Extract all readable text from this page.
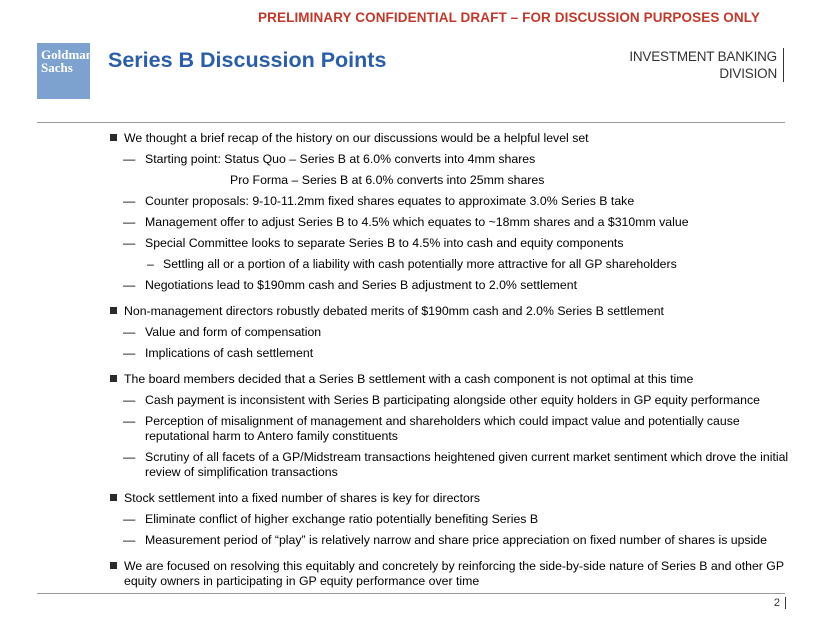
PRELIMINARY CONFIDENTIAL DRAFT – FOR DISCUSSION PURPOSES ONLY
Goldman
Sachs	Series B Discussion Points	INVESTMENT BANKING
DIVISION
We thought a brief recap of the history on our discussions would be a helpful level set
— Starting point: Status Quo – Series B at 6.0% converts into 4mm shares
Pro Forma – Series B at 6.0% converts into 25mm shares
— Counter proposals: 9-10-11.2mm fixed shares equates to approximate 3.0% Series B take
— Management offer to adjust Series B to 4.5% which equates to ~18mm shares and a $310mm value
— Special Committee looks to separate Series B to 4.5% into cash and equity components
– Settling all or a portion of a liability with cash potentially more attractive for all GP shareholders
— Negotiations lead to $190mm cash and Series B adjustment to 2.0% settlement
Non-management directors robustly debated merits of $190mm cash and 2.0% Series B settlement
— Value and form of compensation
— Implications of cash settlement
The board members decided that a Series B settlement with a cash component is not optimal at this time
— Cash payment is inconsistent with Series B participating alongside other equity holders in GP equity performance
— Perception of misalignment of management and shareholders which could impact value and potentially cause reputational harm to Antero family constituents
— Scrutiny of all facets of a GP/Midstream transactions heightened given current market sentiment which drove the initial review of simplification transactions
Stock settlement into a fixed number of shares is key for directors
— Eliminate conflict of higher exchange ratio potentially benefiting Series B
— Measurement period of “play” is relatively narrow and share price appreciation on fixed number of shares is upside
We are focused on resolving this equitably and concretely by reinforcing the side-by-side nature of Series B and other GP equity owners in participating in GP equity performance over time
2
